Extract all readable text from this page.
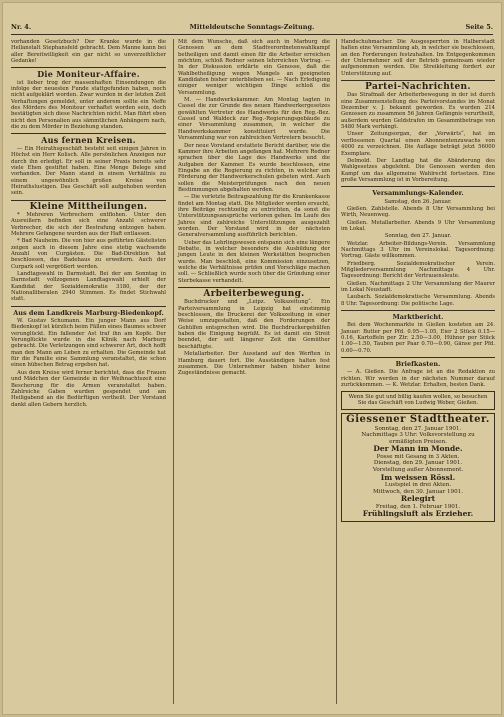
Nr. 4.	Mitteldeutsche Sonntags-Zeitung.	Seite 5.

vorhanden Gesetzbuch? Der Kranke wurde in die Hellanstalt Stephansfeld gebracht. Dem Manne kann bei aller Bereitwilligkeit ein gar nicht so unverzeihlicher Gedanke!

Die Moniteur-Affaire.

ist lieber trog der massenhaften Einsendungen die infolge der neuesten Funde stattgefunden haben, noch nicht aufgeklärt worden. Zwar wurden in der letzten Zeit Verhaftungen gemeldet, unter anderem sollte ein Neffe des Mörders des Moniteur verhaftet worden sein, doch bestätigten sich diese Nachrichten nicht. Man führt eben nicht den Personalien aus sämmtlichen Anhängern nach, die zu dem Mörder in Beziehung standen.

Aus fernen Kreisen.

— Ein Heirathsgeschäft besteht seit einigen Jahren in Höchst ein Herr Kolisch. Alle persönlichen Anzeigen nur durch ihn erledigt. Er soll in seiner Praxis bereits sehr viele Ehen gestiftet haben. Eine Menge Belege sind vorhanden. Der Mann stand in einem Verhältnis zu einem ungewöhnlich großen Kreise von Heirathslustigen. Das Geschäft soll aufgehoben worden sein.

Kleine Mittheilungen.

* Mehreren Verbrechern entflohen. Unter den Ausreißern befinden sich eine Anzahl schwerer Verbrecher, die sich der Bestrafung entzogen haben. Mehrere Gefangene wurden aus der Haft entlassen.

* Bad Nauheim. Die von hier aus geführten Gästelisten zeigen auch in diesem Jahre eine stetig wachsende Anzahl von Curgästen. Die Bad-Direktion hat beschlossen, das Badehaus zu erweitern. Auch der Curpark soll vergrößert werden.

Landtagswahl in Darmstadt. Bei der am Sonntag in Darmstadt vollzogenen Landtagswahl erhielt der Kandidat der Sozialdemokratie 3180, der der Nationalliberalen 2940 Stimmen. Es findet Stichwahl statt.

Aus dem Landkreis Marburg-Biedenkopf.

W. Gustav Schumann. Ein junger Mann aus Dorf Biedenkopf ist kürzlich beim Fällen eines Baumes schwer verunglückt. Ein fallender Ast traf ihn am Kopfe. Der Verunglückte wurde in die Klinik nach Marburg gebracht. Die Verletzungen sind schwerer Art, doch hofft man den Mann am Leben zu erhalten. Die Gemeinde hat für die Familie eine Sammlung veranstaltet, die schon einen hübschen Betrag ergeben hat.

Aus dem Kreise wird ferner berichtet, dass die Frauen und Mädchen der Gemeinde in der Weihnachtszeit eine Bescherung für die Armen veranstaltet haben. Zahlreiche Gaben wurden gespendet und am Heiligabend an die Bedürftigen vertheilt. Der Vorstand dankt allen Gebern herzlich.

Mit dem Wunsche, daß sich auch in Marburg die Genossen an dem Stadtverordnetenwahlkampf betheiligen und damit einen für die Arbeiter erreichen möchten, schloß Redner seinen lehrreichen Vortrag. — In der Diskussion erklärte ein Genosse, daß die Wahlbetheiligung wegen Mangels an geeigneten Kandidaten bisher unterblieben sei. — Nach Erledigung einiger weniger wichtigen Dinge schloß die Versammlung.

M. — Handwerkskammer. Am Montag tagten in Cassel die zur Grunde des neuen Handwerkergesetzes gewählten Vertreter des Handwerks für den Reg.-Bez. Cassel und Waldeck zur Reg.-Regierungsgebäude zu einer Versammlung zusammen, in welcher die Handwerkskammer konstituiert wurde. Die Versammlung war von zahlreichen Vertretern besucht.

Der neue Vorstand erstattete Bericht darüber, wie die Kammer ihre Arbeiten angefangen hat. Mehrere Redner sprachen über die Lage des Handwerks und die Aufgaben der Kammer. Es wurde beschlossen, eine Eingabe an die Regierung zu richten, in welcher um Förderung der Handwerkerschulen gebeten wird. Auch sollen die Meisterprüfungen nach den neuen Bestimmungen abgehalten werden.

— Die vorletzte Beitragszahlung für die Krankenkasse findet am Montag statt. Die Mitglieder werden ersucht, ihre Beiträge rechtzeitig zu entrichten, da sonst die Unterstützungsansprüche verloren gehen. Im Laufe des Jahres sind zahlreiche Unterstützungen ausgezahlt worden. Der Vorstand wird in der nächsten Generalversammlung ausführlich berichten.

Ueber das Lehrlingswesen entspann sich eine längere Debatte, in welcher besonders die Ausbildung der jungen Leute in den kleinen Werkstätten besprochen wurde. Man beschloß, eine Kommission einzusetzen, welche die Verhältnisse prüfen und Vorschläge machen soll. — Schließlich wurde noch über die Gründung einer Sterbekasse verhandelt.

Arbeiterbewegung.

Buchdrucker und „Leipz. Volkszeitung“. Ein Parteiversammlung in Leipzig hat einstimmig beschlossen, die Druckerei der Volkszeitung in einer Weise umzugestalten, daß den Forderungen der Gehülfen entsprochen wird. Die Buchdruckergehülfen haben die Einigung begrüßt. Es ist damit ein Streit beendet, der seit längerer Zeit die Gemüther beschäftigte.

Metallarbeiter. Der Ausstand auf den Werften in Hamburg dauert fort. Die Ausständigen halten fest zusammen. Die Unternehmer haben bisher keine Zugeständnisse gemacht.

Handschuhmacher. Die Ausgesperrten in Halberstadt halten eine Versammlung ab, in welcher sie beschlossen, an den Forderungen festzuhalten. Im Entgegenkommen der Unternehmer soll der Betrieb gemeinsam wieder aufgenommen werden. Die Streikleitung fordert zur Unterstützung auf.

Partei-Nachrichten.

Das Strafmaß der Arbeiterbewegung in der ist durch eine Zusammenstellung des Parteivorstandes im Monat Dezember v. J. bekannt geworden. Es wurden 214 Genossen zu zusammen 56 Jahren Gefängnis verurtheilt, außerdem wurden Geldstrafen im Gesammtbetrage von 5480 Mark verhängt.

Unser Zeitungsorgan, der „Vorwärts“, hat im verflossenen Quartal einen Abonnentenzuwachs von 4000 zu verzeichnen. Die Auflage beträgt jetzt 56000 Exemplare.

Delmold. Der Landtag hat die Abänderung des Wahlgesetzes abgelehnt. Die Genossen werden den Kampf um das allgemeine Wahlrecht fortsetzen. Eine große Versammlung ist in Vorbereitung.

Versammlungs-Kalender.

Samstag, den 26. Januar.

Gießen. Zahlstelle. Abends 8 Uhr Versammlung bei Wirth, Neuenweg.

Gießen. Metallarbeiter. Abends 9 Uhr Versammlung im Lokal.

Sonntag, den 27. Januar.

Wetzlar. Arbeiter-Bildungs-Verein. Versammlung Nachmittags 3 Uhr im Vereinslokal. Tagesordnung: Vortrag. Gäste willkommen.

Friedberg. Sozialdemokratischer Verein. Mitgliederversammlung Nachmittags 4 Uhr. Tagesordnung: Bericht der Vertrauensleute.

Gießen. Nachmittags 2 Uhr Versammlung der Maurer im Lokal Neustadt.

Laubach. Sozialdemokratische Versammlung. Abends 8 Uhr. Tagesordnung: Die politische Lage.

Marktbericht.

Bei dem Wochenmarkte in Gießen kosteten am 24. Januar: Butter per Pfd. 0.95—1.05, Eier 2 Stück 0.15—0.16, Kartoffeln per Ztr. 2.50—3.00, Hühner per Stück 1.00—1.50, Tauben per Paar 0.70—0.90, Gänse per Pfd. 0.60—0.70.

Briefkasten.

— A. Gießen. Die Anfrage ist an die Redaktion zu richten. Wir werden in der nächsten Nummer darauf zurückkommen. — K. Wetzlar. Erhalten, besten Dank.

Wenn Sie gut und billig kaufen wollen, so besuchen Sie das Geschäft von Ludwig Weber, Gießen.

Giessener Stadttheater.
Sonntag, den 27. Januar 1901.
Nachmittags 3 Uhr: Volksvorstellung zu ermäßigten Preisen.
Der Mann im Monde.
Posse mit Gesang in 3 Akten.
Dienstag, den 29. Januar 1901.
Vorstellung außer Abonnement.
Im weissen Rössl.
Lustspiel in drei Akten.
Mittwoch, den 30. Januar 1901.
Relegirt
Freitag, den 1. Februar 1901.
Frühlingsluft als Erzieher.
